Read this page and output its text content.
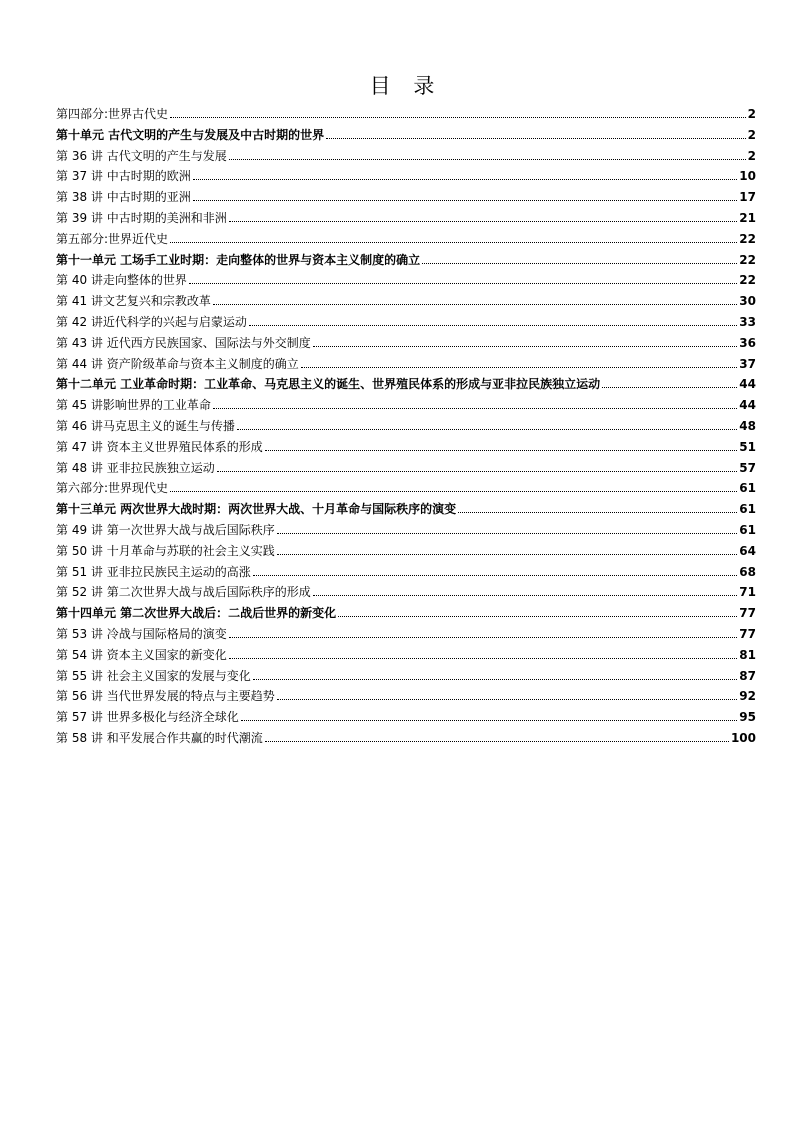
目 录
第四部分:世界古代史	2
第十单元 古代文明的产生与发展及中古时期的世界	2
第 36 讲 古代文明的产生与发展	2
第 37 讲 中古时期的欧洲	10
第 38 讲 中古时期的亚洲	17
第 39 讲 中古时期的美洲和非洲	21
第五部分:世界近代史	22
第十一单元 工场手工业时期：走向整体的世界与资本主义制度的确立	22
第 40 讲走向整体的世界	22
第 41 讲文艺复兴和宗教改革	30
第 42 讲近代科学的兴起与启蒙运动	33
第 43 讲 近代西方民族国家、国际法与外交制度	36
第 44 讲 资产阶级革命与资本主义制度的确立	37
第十二单元 工业革命时期：工业革命、马克思主义的诞生、世界殖民体系的形成与亚非拉民族独立运动	44
第 45 讲影响世界的工业革命	44
第 46 讲马克思主义的诞生与传播	48
第 47 讲 资本主义世界殖民体系的形成	51
第 48 讲 亚非拉民族独立运动	57
第六部分:世界现代史	61
第十三单元 两次世界大战时期：两次世界大战、十月革命与国际秩序的演变	61
第 49 讲 第一次世界大战与战后国际秩序	61
第 50 讲 十月革命与苏联的社会主义实践	64
第 51 讲 亚非拉民族民主运动的高涨	68
第 52 讲 第二次世界大战与战后国际秩序的形成	71
第十四单元 第二次世界大战后：二战后世界的新变化	77
第 53 讲 冷战与国际格局的演变	77
第 54 讲 资本主义国家的新变化	81
第 55 讲 社会主义国家的发展与变化	87
第 56 讲 当代世界发展的特点与主要趋势	92
第 57 讲 世界多极化与经济全球化	95
第 58 讲 和平发展合作共赢的时代潮流	100
